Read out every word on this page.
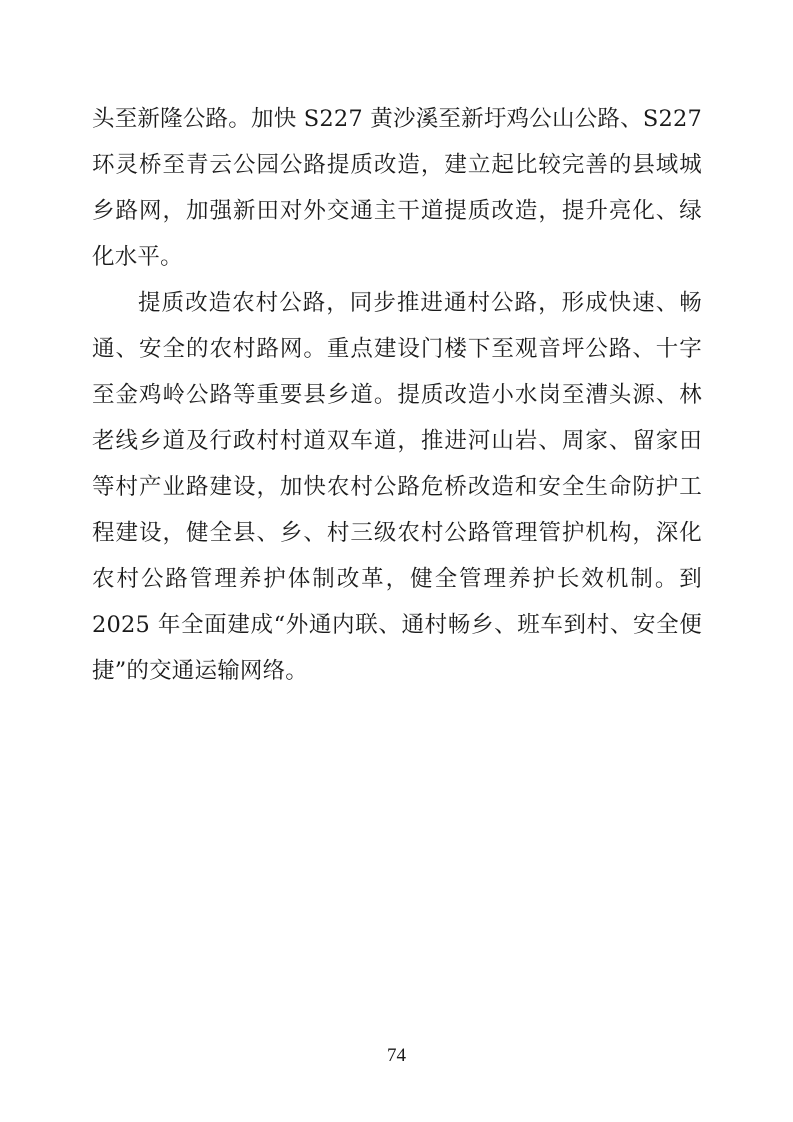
头至新隆公路。加快 S227 黄沙溪至新圩鸡公山公路、S227 环灵桥至青云公园公路提质改造，建立起比较完善的县域城乡路网，加强新田对外交通主干道提质改造，提升亮化、绿化水平。

提质改造农村公路，同步推进通村公路，形成快速、畅通、安全的农村路网。重点建设门楼下至观音坪公路、十字至金鸡岭公路等重要县乡道。提质改造小水岗至漕头源、林老线乡道及行政村村道双车道，推进河山岩、周家、留家田等村产业路建设，加快农村公路危桥改造和安全生命防护工程建设，健全县、乡、村三级农村公路管理管护机构，深化农村公路管理养护体制改革，健全管理养护长效机制。到 2025 年全面建成“外通内联、通村畅乡、班车到村、安全便捷”的交通运输网络。

74
